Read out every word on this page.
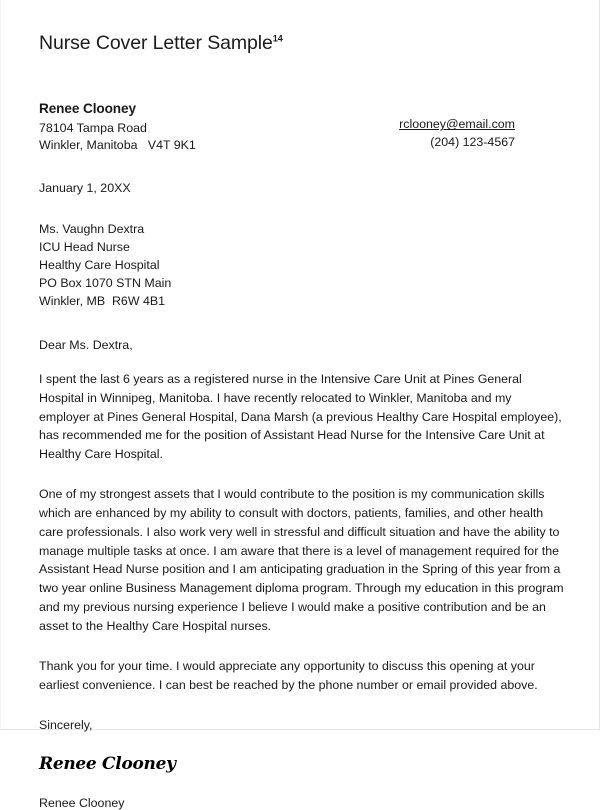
Nurse Cover Letter Sample$^{14}$
Renee Clooney
78104 Tampa Road
Winkler, Manitoba   V4T 9K1
rclooney@email.com
(204) 123-4567
January 1, 20XX
Ms. Vaughn Dextra
ICU Head Nurse
Healthy Care Hospital
PO Box 1070 STN Main
Winkler, MB  R6W 4B1
Dear Ms. Dextra,

I spent the last 6 years as a registered nurse in the Intensive Care Unit at Pines General Hospital in Winnipeg, Manitoba. I have recently relocated to Winkler, Manitoba and my employer at Pines General Hospital, Dana Marsh (a previous Healthy Care Hospital employee), has recommended me for the position of Assistant Head Nurse for the Intensive Care Unit at Healthy Care Hospital.

One of my strongest assets that I would contribute to the position is my communication skills which are enhanced by my ability to consult with doctors, patients, families, and other health care professionals. I also work very well in stressful and difficult situation and have the ability to manage multiple tasks at once. I am aware that there is a level of management required for the Assistant Head Nurse position and I am anticipating graduation in the Spring of this year from a two year online Business Management diploma program. Through my education in this program and my previous nursing experience I believe I would make a positive contribution and be an asset to the Healthy Care Hospital nurses.

Thank you for your time. I would appreciate any opportunity to discuss this opening at your earliest convenience. I can best be reached by the phone number or email provided above.

Sincerely,
Renee Clooney
Renee Clooney
